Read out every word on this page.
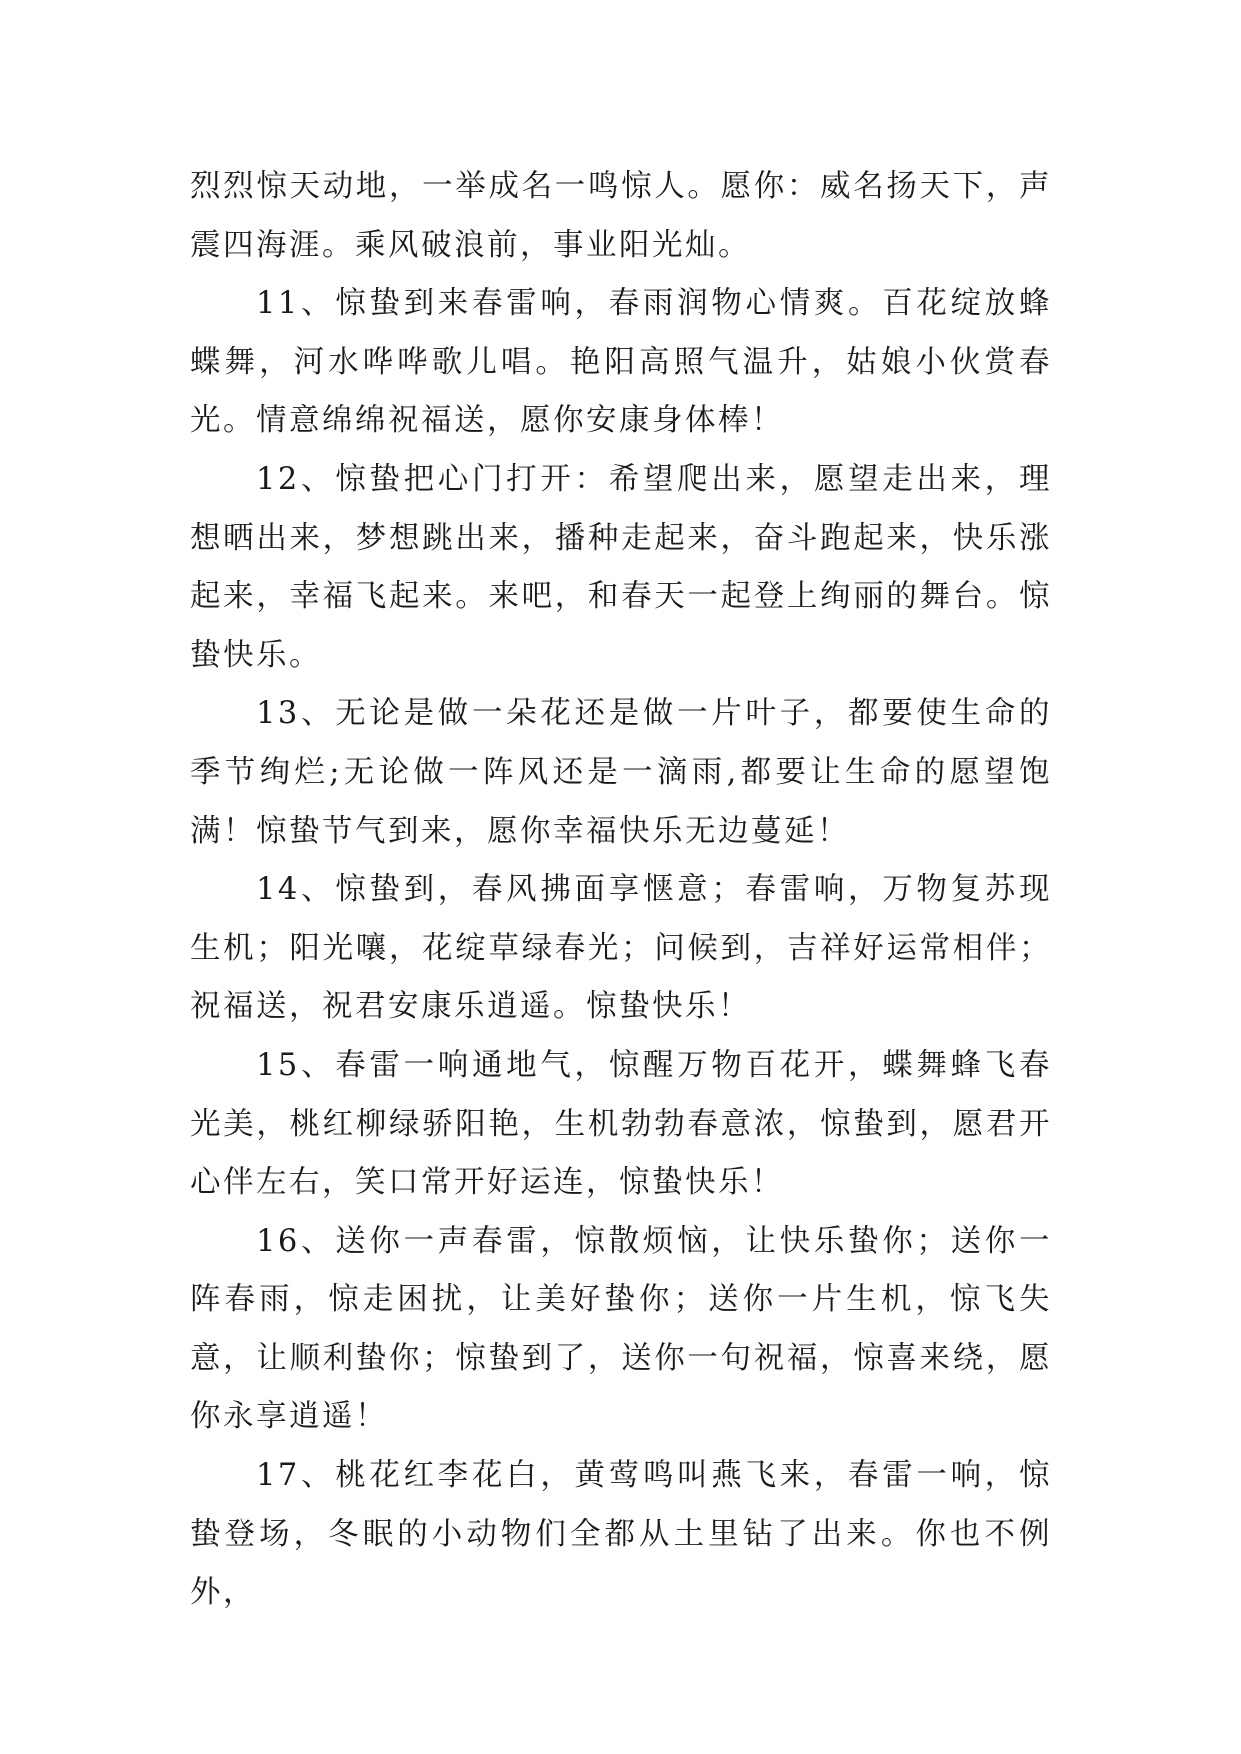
烈烈惊天动地，一举成名一鸣惊人。愿你：威名扬天下，声震四海涯。乘风破浪前，事业阳光灿。

11、惊蛰到来春雷响，春雨润物心情爽。百花绽放蜂蝶舞，河水哗哗歌儿唱。艳阳高照气温升，姑娘小伙赏春光。情意绵绵祝福送，愿你安康身体棒！

12、惊蛰把心门打开：希望爬出来，愿望走出来，理想晒出来，梦想跳出来，播种走起来，奋斗跑起来，快乐涨起来，幸福飞起来。来吧，和春天一起登上绚丽的舞台。惊蛰快乐。

13、无论是做一朵花还是做一片叶子，都要使生命的季节绚烂;无论做一阵风还是一滴雨,都要让生命的愿望饱满！惊蛰节气到来，愿你幸福快乐无边蔓延！

14、惊蛰到，春风拂面享惬意；春雷响，万物复苏现生机；阳光嚷，花绽草绿春光；问候到，吉祥好运常相伴；祝福送，祝君安康乐逍遥。惊蛰快乐！

15、春雷一响通地气，惊醒万物百花开，蝶舞蜂飞春光美，桃红柳绿骄阳艳，生机勃勃春意浓，惊蛰到，愿君开心伴左右，笑口常开好运连，惊蛰快乐！

16、送你一声春雷，惊散烦恼，让快乐蛰你；送你一阵春雨，惊走困扰，让美好蛰你；送你一片生机，惊飞失意，让顺利蛰你；惊蛰到了，送你一句祝福，惊喜来绕，愿你永享逍遥！

17、桃花红李花白，黄莺鸣叫燕飞来，春雷一响，惊蛰登场，冬眠的小动物们全都从土里钻了出来。你也不例外，
